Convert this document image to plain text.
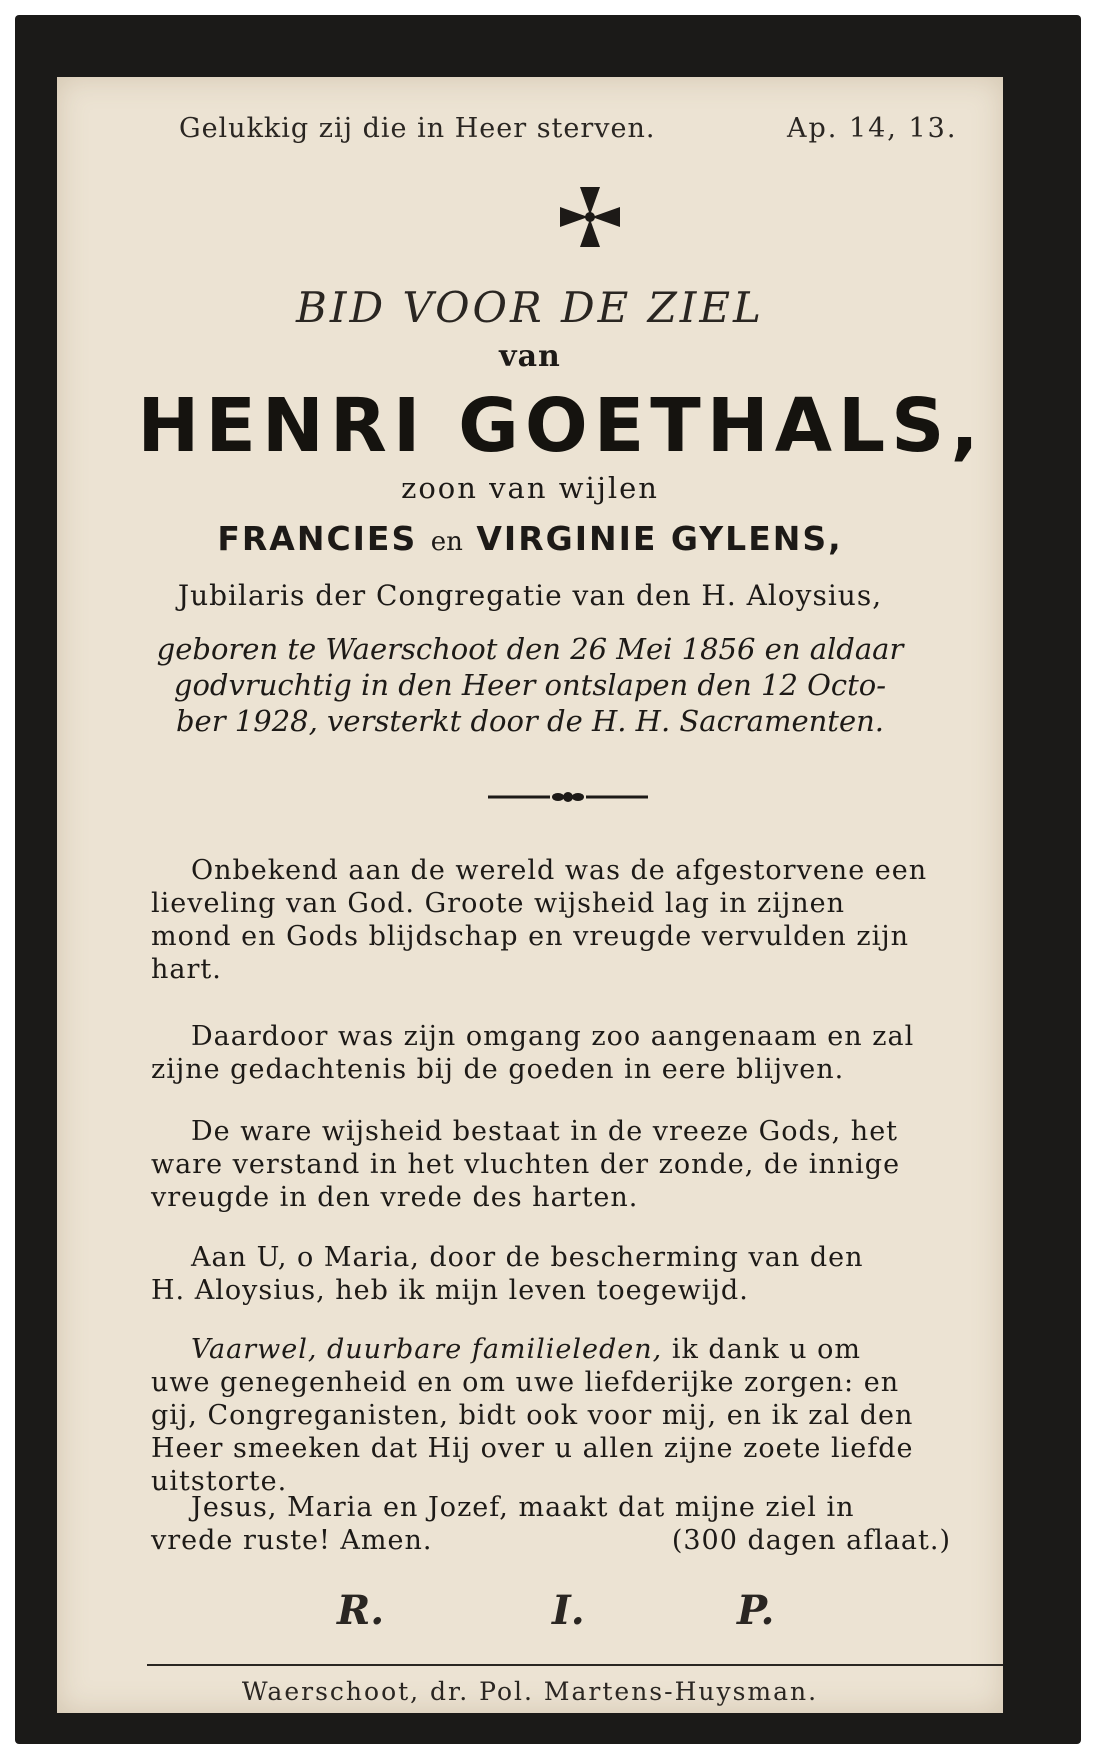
Gelukkig zij die in Heer sterven.	Ap. 14, 13.
BID VOOR DE ZIEL
van
HENRI GOETHALS,
zoon van wijlen
FRANCIES en VIRGINIE GYLENS,
Jubilaris der Congregatie van den H. Aloysius,
geboren te Waerschoot den 26 Mei 1856 en aldaar
godvruchtig in den Heer ontslapen den 12 Octo-
ber 1928, versterkt door de H. H. Sacramenten.
Onbekend aan de wereld was de afgestorvene een
lieveling van God. Groote wijsheid lag in zijnen
mond en Gods blijdschap en vreugde vervulden zijn
hart.
Daardoor was zijn omgang zoo aangenaam en zal
zijne gedachtenis bij de goeden in eere blijven.
De ware wijsheid bestaat in de vreeze Gods, het
ware verstand in het vluchten der zonde, de innige
vreugde in den vrede des harten.
Aan U, o Maria, door de bescherming van den
H. Aloysius, heb ik mijn leven toegewijd.
Vaarwel, duurbare familieleden, ik dank u om
uwe genegenheid en om uwe liefderijke zorgen: en
gij, Congreganisten, bidt ook voor mij, en ik zal den
Heer smeeken dat Hij over u allen zijne zoete liefde
uitstorte.
Jesus, Maria en Jozef, maakt dat mijne ziel in
vrede ruste! Amen.	(300 dagen aflaat.)
R.	I.	P.
Waerschoot, dr. Pol. Martens-Huysman.
